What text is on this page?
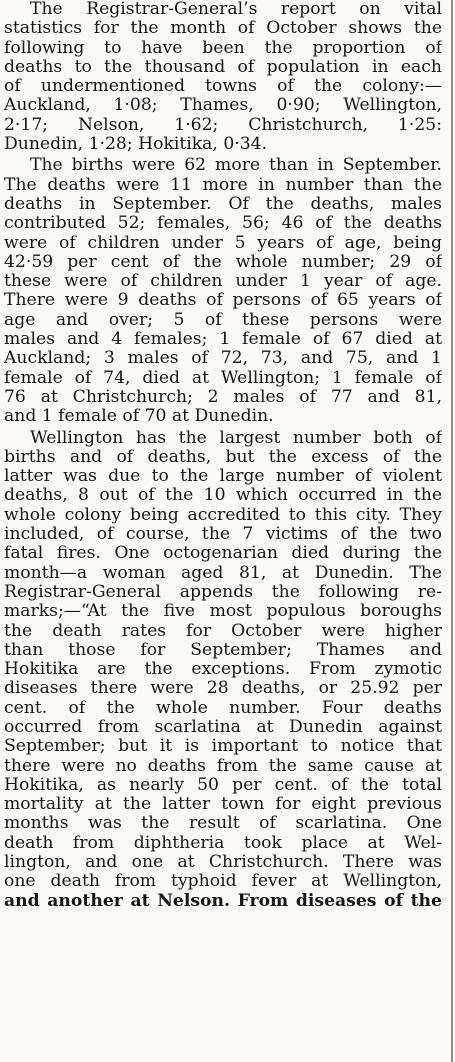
The Registrar-General’s report on vital
statistics for the month of October shows the
following to have been the proportion of
deaths to the thousand of population in each
of undermentioned towns of the colony:—
Auckland, 1·08; Thames, 0·90; Wellington,
2·17; Nelson, 1·62; Christchurch, 1·25:
Dunedin, 1·28; Hokitika, 0·34.
The births were 62 more than in September.
The deaths were 11 more in number than the
deaths in September. Of the deaths, males
contributed 52; females, 56; 46 of the deaths
were of children under 5 years of age, being
42·59 per cent of the whole number; 29 of
these were of children under 1 year of age.
There were 9 deaths of persons of 65 years of
age and over; 5 of these persons were
males and 4 females; 1 female of 67 died at
Auckland; 3 males of 72, 73, and 75, and 1
female of 74, died at Wellington; 1 female of
76 at Christchurch; 2 males of 77 and 81,
and 1 female of 70 at Dunedin.
Wellington has the largest number both of
births and of deaths, but the excess of the
latter was due to the large number of violent
deaths, 8 out of the 10 which occurred in the
whole colony being accredited to this city. They
included, of course, the 7 victims of the two
fatal fires. One octogenarian died during the
month—a woman aged 81, at Dunedin. The
Registrar-General appends the following re-
marks;—“At the five most populous boroughs
the death rates for October were higher
than those for September; Thames and
Hokitika are the exceptions. From zymotic
diseases there were 28 deaths, or 25.92 per
cent. of the whole number. Four deaths
occurred from scarlatina at Dunedin against
September; but it is important to notice that
there were no deaths from the same cause at
Hokitika, as nearly 50 per cent. of the total
mortality at the latter town for eight previous
months was the result of scarlatina. One
death from diphtheria took place at Wel-
lington, and one at Christchurch. There was
one death from typhoid fever at Wellington,
and another at Nelson. From diseases of the
